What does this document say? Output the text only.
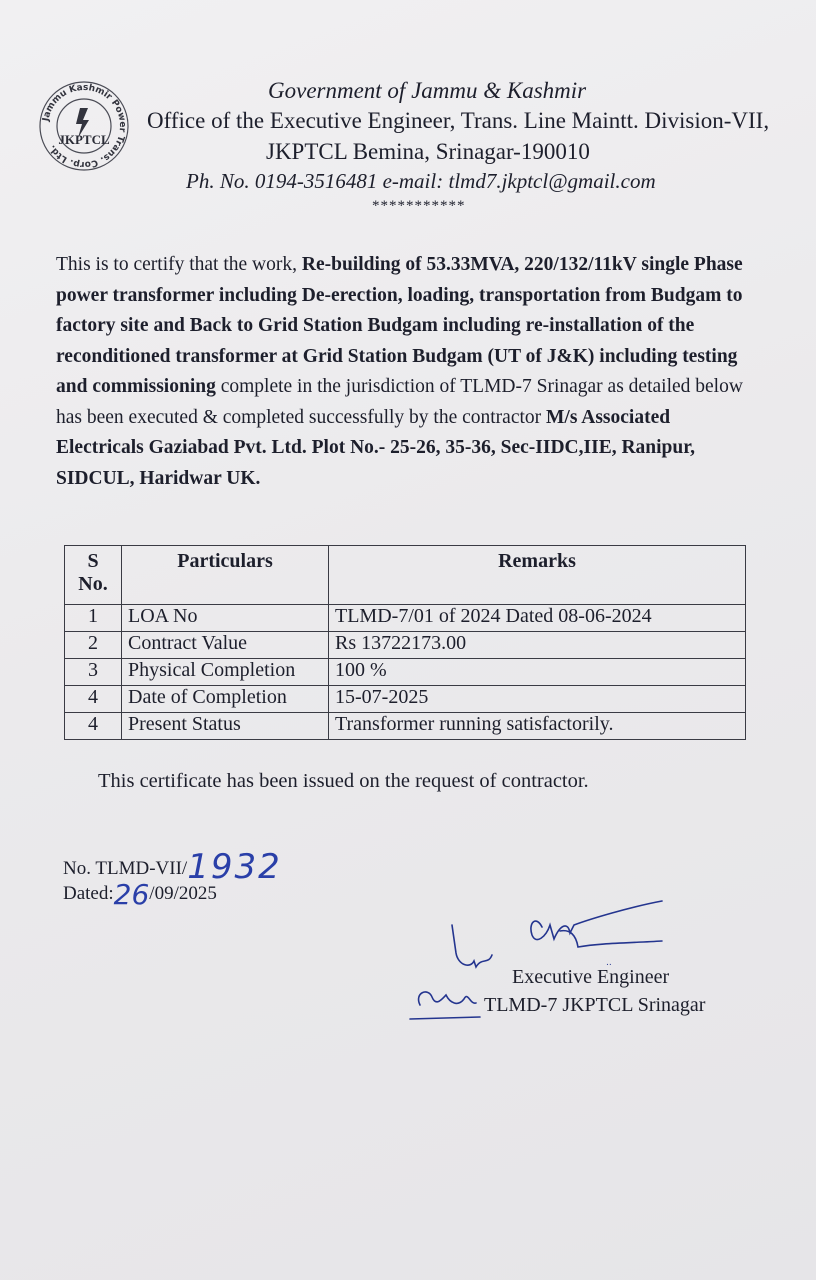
Jammu Kashmir Power Trans. Corp. Ltd.
JKPTCL
Government of Jammu & Kashmir
Office of the Executive Engineer, Trans. Line Maintt. Division-VII,
JKPTCL Bemina, Srinagar-190010
Ph. No. 0194-3516481 e-mail: tlmd7.jkptcl@gmail.com
***********
This is to certify that the work, Re-building of 53.33MVA, 220/132/11kV single Phase power transformer including De-erection, loading, transportation from Budgam to factory site and Back to Grid Station Budgam including re-installation of the reconditioned transformer at Grid Station Budgam (UT of J&K) including testing and commissioning complete in the jurisdiction of TLMD-7 Srinagar as detailed below has been executed & completed successfully by the contractor M/s Associated Electricals Gaziabad Pvt. Ltd. Plot No.- 25-26, 35-36, Sec-IIDC,IIE, Ranipur, SIDCUL, Haridwar UK.
S No.	Particulars	Remarks
1	LOA No	TLMD-7/01 of 2024 Dated 08-06-2024
2	Contract Value	Rs 13722173.00
3	Physical Completion	100 %
4	Date of Completion	15-07-2025
4	Present Status	Transformer running satisfactorily.
This certificate has been issued on the request of contractor.
No. TLMD-VII/1932
Dated:26/09/2025
..
Executive Engineer
TLMD-7 JKPTCL Srinagar
